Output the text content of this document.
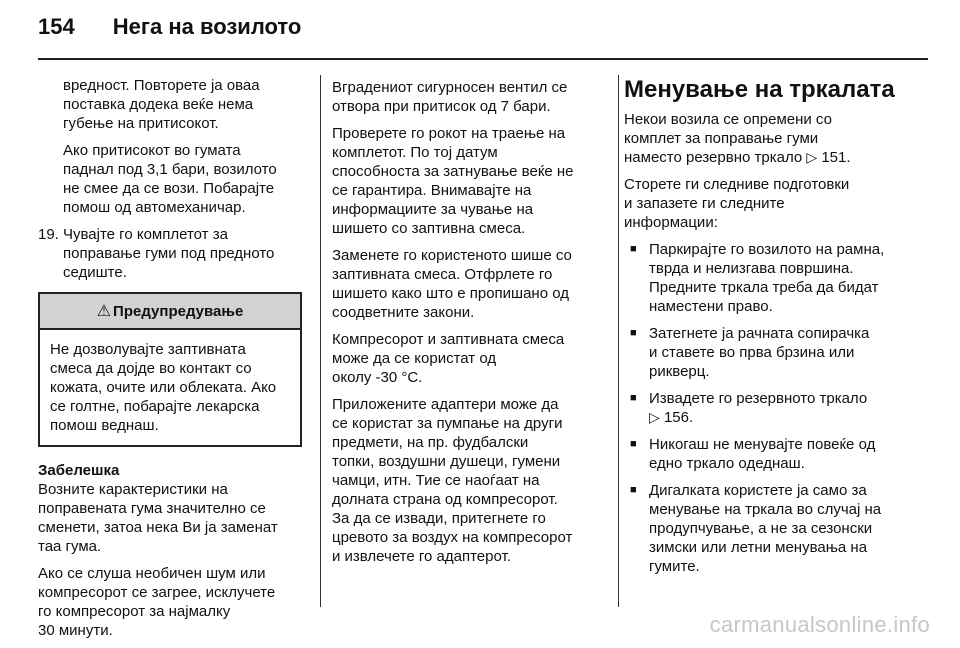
154 Нега на возилото

вредност. Повторете ја оваа
поставка додека веќе нема
губење на притисокот.

Ако притисокот во гумата
паднал под 3,1 бари, возилото
не смее да се вози. Побарајте
помош од автомеханичар.

19. Чувајте го комплетот за
поправање гуми под предното
седиште.
⚠ Предупредување
Не дозволувајте заптивната
смеса да дојде во контакт со
кожата, очите или облеката. Ако
се голтне, побарајте лекарска
помош веднаш.
Забелешка

Возните карактеристики на
поправената гума значително се
сменети, затоа нека Ви ја заменат
таа гума.

Ако се слуша необичен шум или
компресорот се загрее, исклучете
го компресорот за најмалку
30 минути.

Вградениот сигурносен вентил се
отвора при притисок од 7 бари.

Проверете го рокот на траење на
комплетот. По тој датум
способноста за затнување веќе не
се гарантира. Внимавајте на
информациите за чување на
шишето со заптивна смеса.

Заменете го користеното шише со
заптивната смеса. Отфрлете го
шишето како што е пропишано од
соодветните закони.

Компресорот и заптивната смеса
може да се користат од
околу -30 °C.

Приложените адаптери може да
се користат за пумпање на други
предмети, на пр. фудбалски
топки, воздушни душеци, гумени
чамци, итн. Тие се наоѓаат на
долната страна од компресорот.
За да се извади, притегнете го
цревото за воздух на компресорот
и извлечете го адаптерот.

Менување на тркалата

Некои возила се опремени со
комплет за поправање гуми
наместо резервно тркало ▷ 151.

Сторете ги следниве подготовки
и запазете ги следните
информации:

■ Паркирајте го возилото на рамна,
тврда и нелизгава површина.
Предните тркала треба да бидат
наместени право.
■ Затегнете ја рачната сопирачка
и ставете во прва брзина или
рикверц.
■ Извадете го резервното тркало
▷ 156.
■ Никогаш не менувајте повеќе од
едно тркало одеднаш.
■ Дигалката користете ја само за
менување на тркала во случај на
продупчување, а не за сезонски
зимски или летни менувања на
гумите.
carmanualsonline.info
